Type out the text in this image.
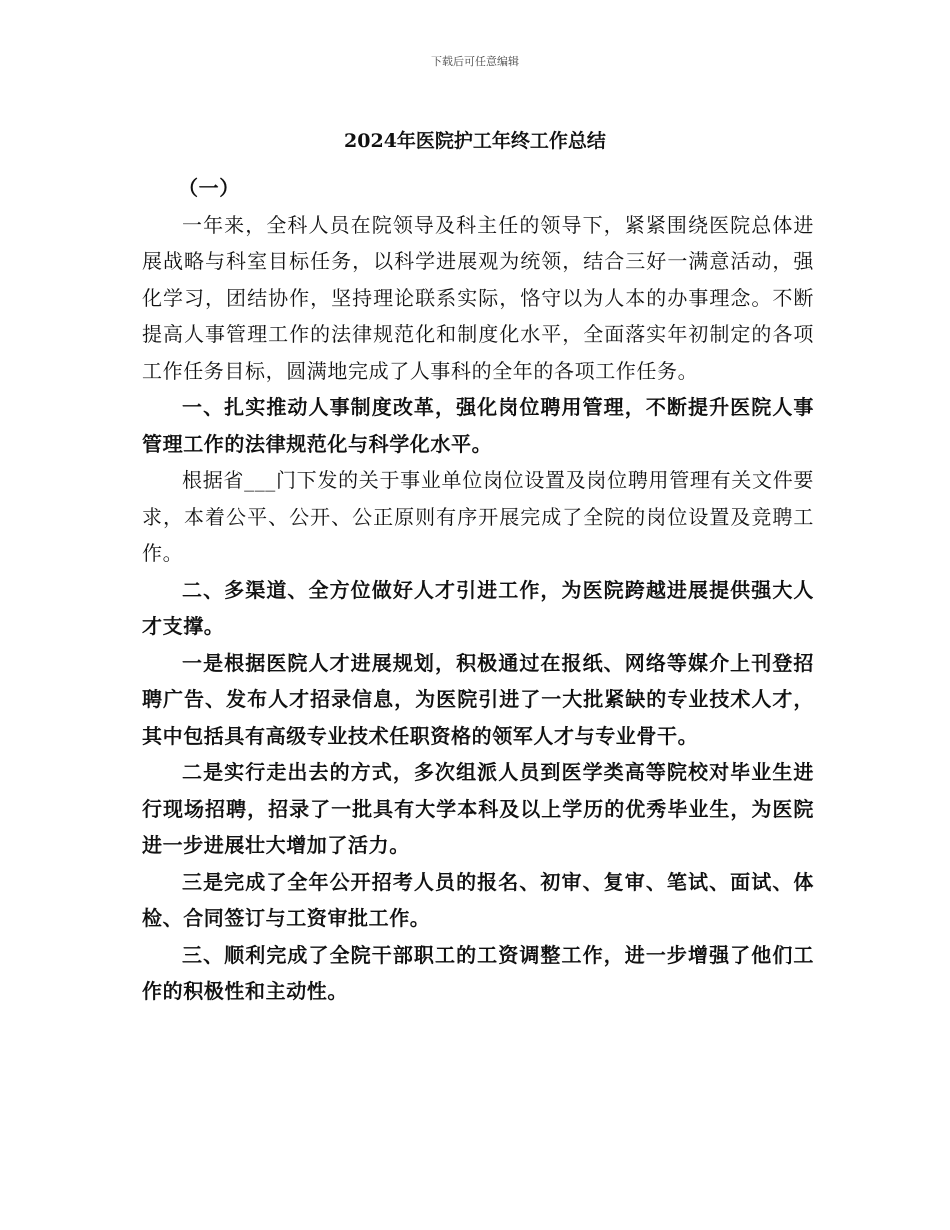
下载后可任意编辑
2024年医院护工年终工作总结

（一）

一年来，全科人员在院领导及科主任的领导下，紧紧围绕医院总体进展战略与科室目标任务，以科学进展观为统领，结合三好一满意活动，强化学习，团结协作，坚持理论联系实际，恪守以为人本的办事理念。不断提高人事管理工作的法律规范化和制度化水平，全面落实年初制定的各项工作任务目标，圆满地完成了人事科的全年的各项工作任务。

一、扎实推动人事制度改革，强化岗位聘用管理，不断提升医院人事管理工作的法律规范化与科学化水平。

根据省___门下发的关于事业单位岗位设置及岗位聘用管理有关文件要求，本着公平、公开、公正原则有序开展完成了全院的岗位设置及竞聘工作。

二、多渠道、全方位做好人才引进工作，为医院跨越进展提供强大人才支撑。

一是根据医院人才进展规划，积极通过在报纸、网络等媒介上刊登招聘广告、发布人才招录信息，为医院引进了一大批紧缺的专业技术人才，其中包括具有高级专业技术任职资格的领军人才与专业骨干。

二是实行走出去的方式，多次组派人员到医学类高等院校对毕业生进行现场招聘，招录了一批具有大学本科及以上学历的优秀毕业生，为医院进一步进展壮大增加了活力。

三是完成了全年公开招考人员的报名、初审、复审、笔试、面试、体检、合同签订与工资审批工作。

三、顺利完成了全院干部职工的工资调整工作，进一步增强了他们工作的积极性和主动性。
